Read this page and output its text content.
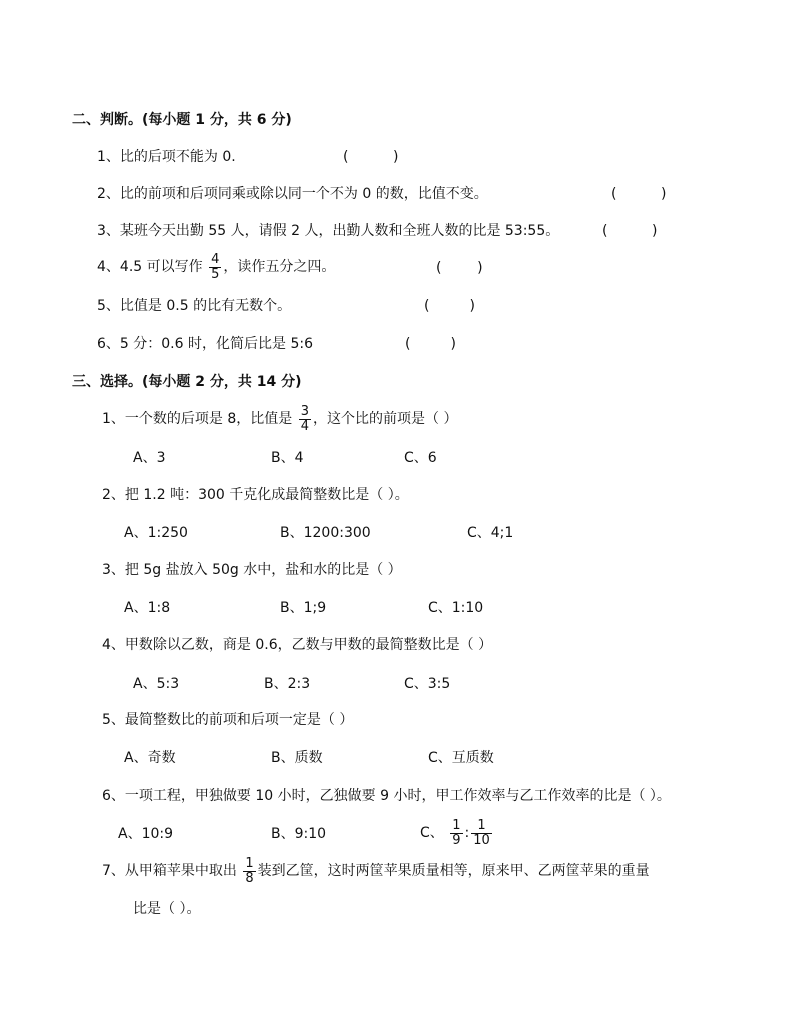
二、判断。(每小题 1 分，共 6 分)
1、比的后项不能为 0.	(          )
2、比的前项和后项同乘或除以同一个不为 0 的数，比值不变。	(          )
3、某班今天出勤 55 人，请假 2 人，出勤人数和全班人数的比是 53:55。	(          )
4、4.5 可以写作 $\frac{4}{5}$ ，读作五分之四。	(        )
5、比值是 0.5 的比有无数个。	(         )
6、5 分：0.6 时，化简后比是 5:6	(         )
三、选择。(每小题 2 分，共 14 分)
1、一个数的后项是 8，比值是 $\frac{3}{4}$ ，这个比的前项是（ ）
A、3	B、4	C、6
2、把 1.2 吨：300 千克化成最简整数比是（ ）。
A、1:250	B、1200:300	C、4;1
3、把 5g 盐放入 50g 水中，盐和水的比是（ ）
A、1:8	B、1;9	C、1:10
4、甲数除以乙数，商是 0.6，乙数与甲数的最简整数比是（ ）
A、5:3	B、2:3	C、3:5
5、最简整数比的前项和后项一定是（ ）
A、奇数	B、质数	C、互质数
6、一项工程，甲独做要 10 小时，乙独做要 9 小时，甲工作效率与乙工作效率的比是（ ）。
A、10:9	B、9:10	C、 $\frac{1}{9}$ : $\frac{1}{10}$
7、从甲箱苹果中取出 $\frac{1}{8}$ 装到乙筐，这时两筐苹果质量相等，原来甲、乙两筐苹果的重量
比是（ ）。
